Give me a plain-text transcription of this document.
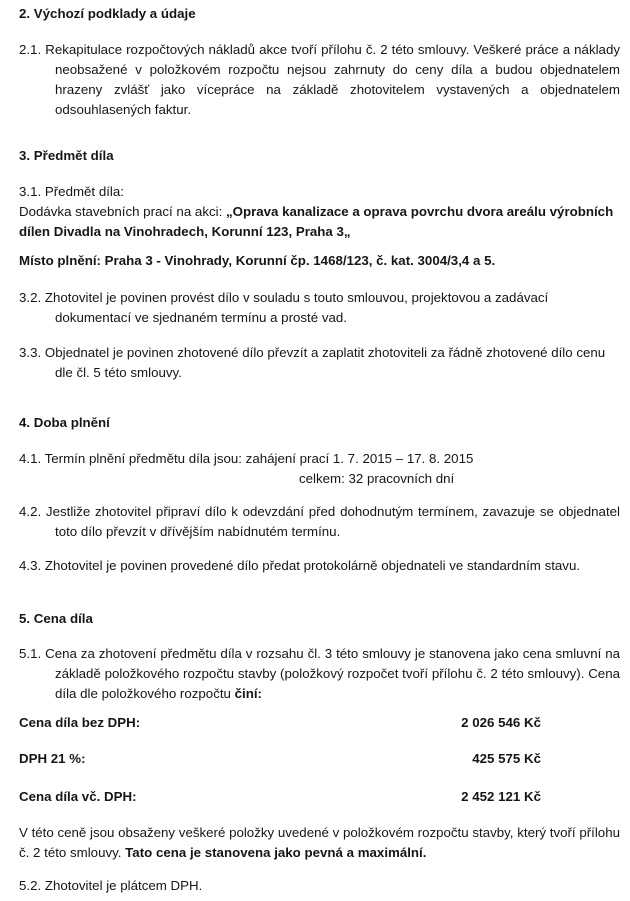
2. Výchozí podklady a údaje

2.1. Rekapitulace rozpočtových nákladů akce tvoří přílohu č. 2 této smlouvy. Veškeré práce a náklady neobsažené v položkovém rozpočtu nejsou zahrnuty do ceny díla a budou objednatelem hrazeny zvlášť jako vícepráce na základě zhotovitelem vystavených a objednatelem odsouhlasených faktur.

3. Předmět díla

3.1. Předmět díla:

Dodávka stavebních prací na akci: „Oprava kanalizace a oprava povrchu dvora areálu výrobních dílen Divadla na Vinohradech, Korunní 123, Praha 3„

Místo plnění: Praha 3 - Vinohrady, Korunní čp. 1468/123, č. kat. 3004/3,4 a 5.

3.2. Zhotovitel je povinen provést dílo v souladu s touto smlouvou, projektovou a zadávací dokumentací ve sjednaném termínu a prosté vad.

3.3. Objednatel je povinen zhotovené dílo převzít a zaplatit zhotoviteli za řádně zhotovené dílo cenu dle čl. 5 této smlouvy.

4. Doba plnění

4.1. Termín plnění předmětu díla jsou: zahájení prací 1. 7. 2015 – 17. 8. 2015

celkem: 32 pracovních dní

4.2. Jestliže zhotovitel připraví dílo k odevzdání před dohodnutým termínem, zavazuje se objednatel toto dílo převzít v dřívějším nabídnutém termínu.

4.3. Zhotovitel je povinen provedené dílo předat protokolárně objednateli ve standardním stavu.

5. Cena díla

5.1. Cena za zhotovení předmětu díla v rozsahu čl. 3 této smlouvy je stanovena jako cena smluvní na základě položkového rozpočtu stavby (položkový rozpočet tvoří přílohu č. 2 této smlouvy). Cena díla dle položkového rozpočtu činí:

Cena díla bez DPH:	2 026 546 Kč
DPH 21 %:	425 575 Kč
Cena díla vč. DPH:	2 452 121 Kč

V této ceně jsou obsaženy veškeré položky uvedené v položkovém rozpočtu stavby, který tvoří přílohu č. 2 této smlouvy. Tato cena je stanovena jako pevná a maximální.

5.2. Zhotovitel je plátcem DPH.
